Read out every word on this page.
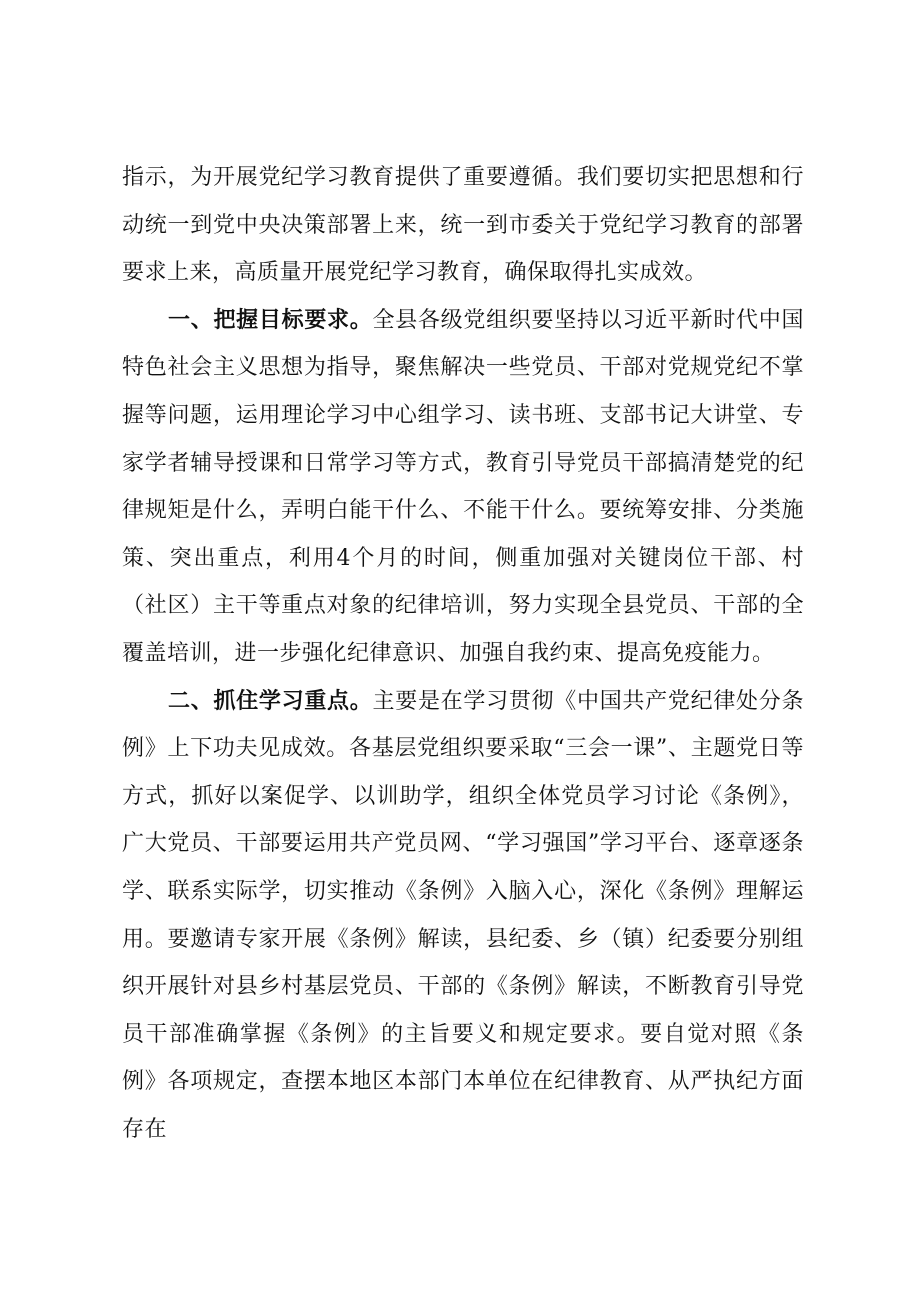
指示，为开展党纪学习教育提供了重要遵循。我们要切实把思想和行动统一到党中央决策部署上来，统一到市委关于党纪学习教育的部署要求上来，高质量开展党纪学习教育，确保取得扎实成效。

一、把握目标要求。全县各级党组织要坚持以习近平新时代中国特色社会主义思想为指导，聚焦解决一些党员、干部对党规党纪不掌握等问题，运用理论学习中心组学习、读书班、支部书记大讲堂、专家学者辅导授课和日常学习等方式，教育引导党员干部搞清楚党的纪律规矩是什么，弄明白能干什么、不能干什么。要统筹安排、分类施策、突出重点，利用4个月的时间，侧重加强对关键岗位干部、村（社区）主干等重点对象的纪律培训，努力实现全县党员、干部的全覆盖培训，进一步强化纪律意识、加强自我约束、提高免疫能力。

二、抓住学习重点。主要是在学习贯彻《中国共产党纪律处分条例》上下功夫见成效。各基层党组织要采取“三会一课”、主题党日等方式，抓好以案促学、以训助学，组织全体党员学习讨论《条例》，广大党员、干部要运用共产党员网、“学习强国”学习平台、逐章逐条学、联系实际学，切实推动《条例》入脑入心，深化《条例》理解运用。要邀请专家开展《条例》解读，县纪委、乡（镇）纪委要分别组织开展针对县乡村基层党员、干部的《条例》解读，不断教育引导党员干部准确掌握《条例》的主旨要义和规定要求。要自觉对照《条例》各项规定，查摆本地区本部门本单位在纪律教育、从严执纪方面存在
